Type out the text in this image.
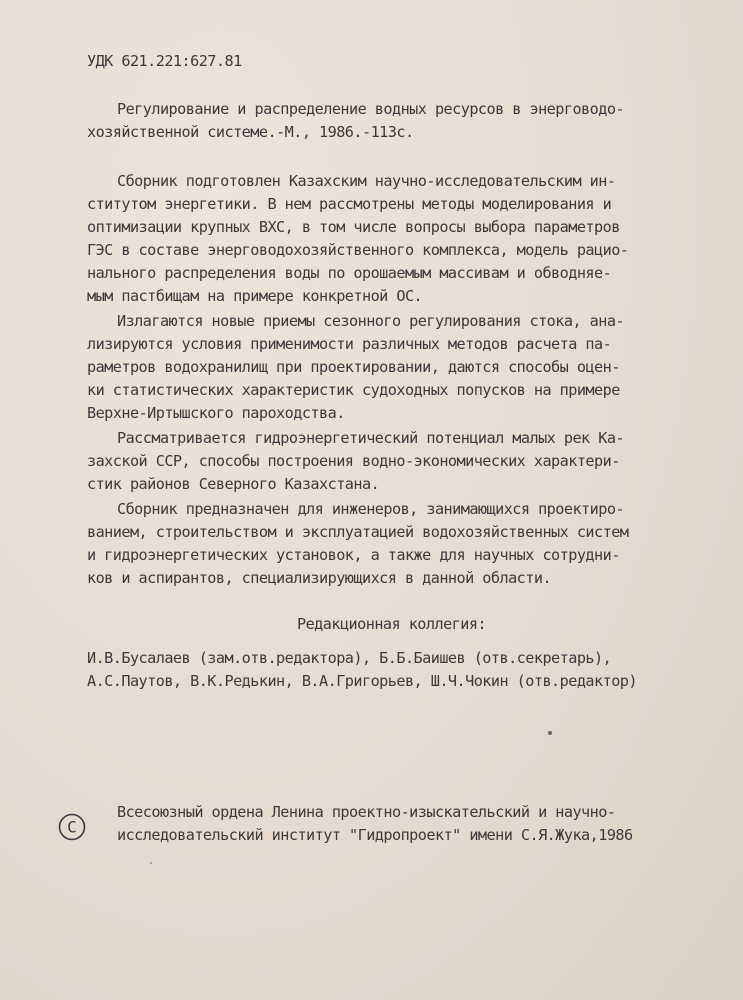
УДК 621.221:627.81
Регулирование и распределение водных ресурсов в энерговодо-
хозяйственной системе.-М., 1986.-113с.
Сборник подготовлен Казахским научно-исследовательским ин-
ститутом энергетики. В нем рассмотрены методы моделирования и
оптимизации крупных ВХС, в том числе вопросы выбора параметров
ГЭС в составе энерговодохозяйственного комплекса, модель рацио-
нального распределения воды по орошаемым массивам и обводняе-
мым пастбищам на примере конкретной ОС.
Излагаются новые приемы сезонного регулирования стока, ана-
лизируются условия применимости различных методов расчета па-
раметров водохранилищ при проектировании, даются способы оцен-
ки статистических характеристик судоходных попусков на примере
Верхне-Иртышского пароходства.
Рассматривается гидроэнергетический потенциал малых рек Ка-
захской ССР, способы построения водно-экономических характери-
стик районов Северного Казахстана.
Сборник предназначен для инженеров, занимающихся проектиро-
ванием, строительством и эксплуатацией водохозяйственных систем
и гидроэнергетических установок, а также для научных сотрудни-
ков и аспирантов, специализирующихся в данной области.
Редакционная коллегия:
И.В.Бусалаев (зам.отв.редактора), Б.Б.Баишев (отв.секретарь),
А.С.Паутов, В.К.Редькин, В.А.Григорьев, Ш.Ч.Чокин (отв.редактор)
C
Всесоюзный ордена Ленина проектно-изыскательский и научно-
исследовательский институт "Гидропроект" имени С.Я.Жука,1986
